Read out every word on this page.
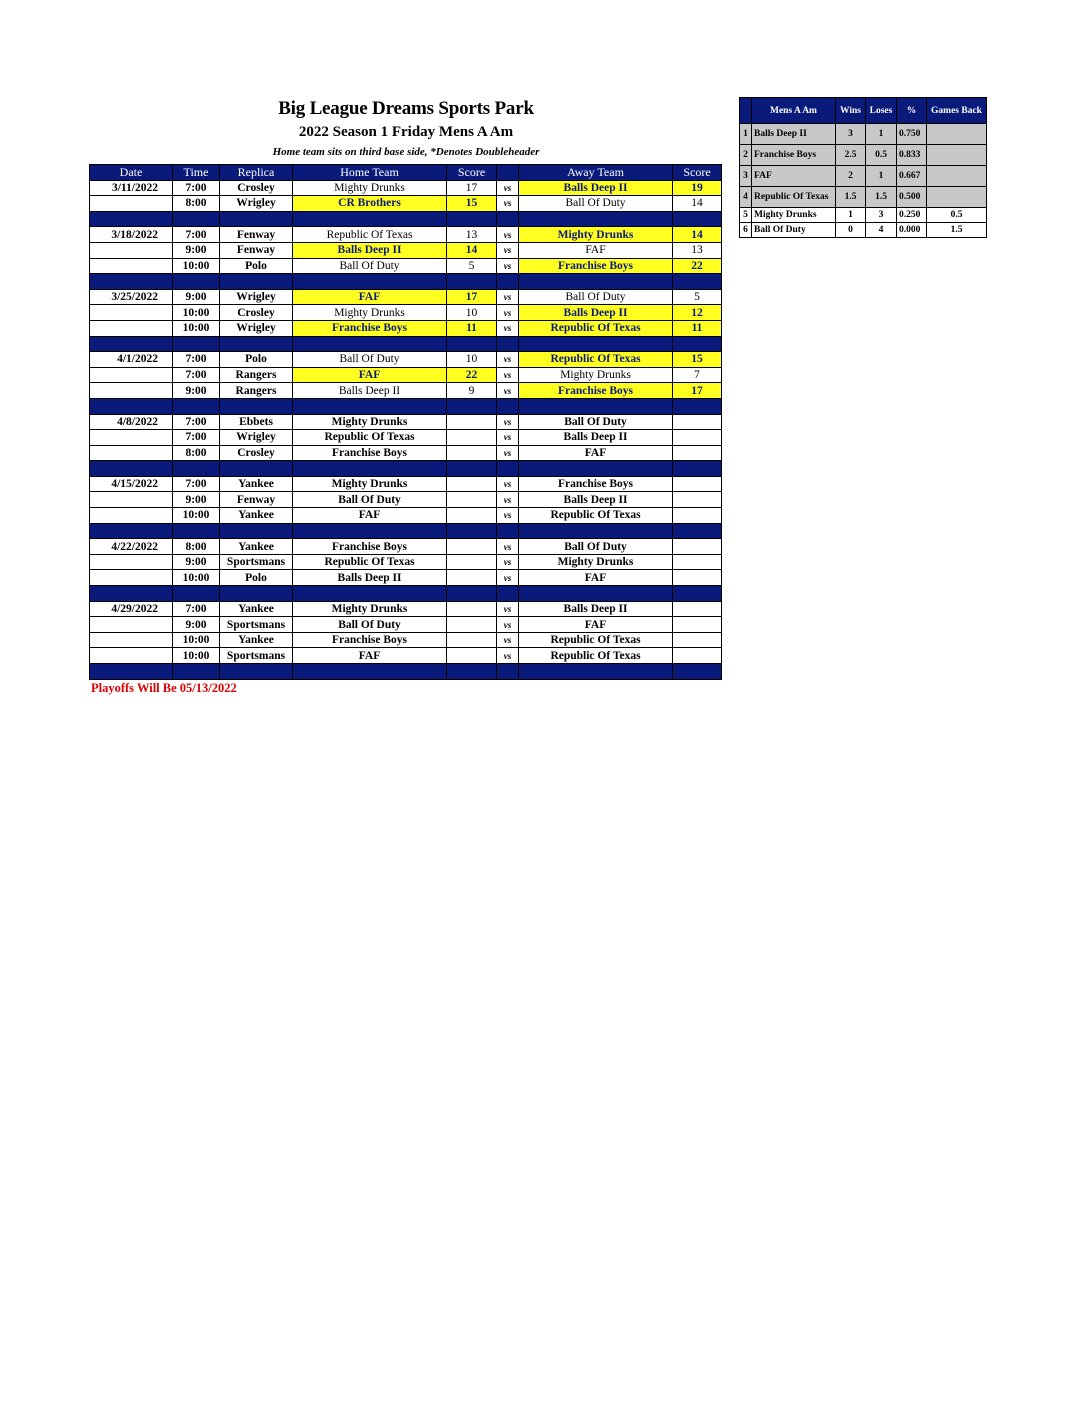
Big League Dreams Sports Park
2022 Season 1 Friday Mens A Am
Home team sits on third base side, *Denotes Doubleheader
Date	Time	Replica	Home Team	Score		Away Team	Score
3/11/2022	7:00	Crosley	Mighty Drunks	17	vs	Balls Deep II	19
	8:00	Wrigley	CR Brothers	15	vs	Ball Of Duty	14

3/18/2022	7:00	Fenway	Republic Of Texas	13	vs	Mighty Drunks	14
	9:00	Fenway	Balls Deep II	14	vs	FAF	13
	10:00	Polo	Ball Of Duty	5	vs	Franchise Boys	22

3/25/2022	9:00	Wrigley	FAF	17	vs	Ball Of Duty	5
	10:00	Crosley	Mighty Drunks	10	vs	Balls Deep II	12
	10:00	Wrigley	Franchise Boys	11	vs	Republic Of Texas	11

4/1/2022	7:00	Polo	Ball Of Duty	10	vs	Republic Of Texas	15
	7:00	Rangers	FAF	22	vs	Mighty Drunks	7
	9:00	Rangers	Balls Deep II	9	vs	Franchise Boys	17

4/8/2022	7:00	Ebbets	Mighty Drunks		vs	Ball Of Duty	
	7:00	Wrigley	Republic Of Texas		vs	Balls Deep II	
	8:00	Crosley	Franchise Boys		vs	FAF	

4/15/2022	7:00	Yankee	Mighty Drunks		vs	Franchise Boys	
	9:00	Fenway	Ball Of Duty		vs	Balls Deep II	
	10:00	Yankee	FAF		vs	Republic Of Texas	

4/22/2022	8:00	Yankee	Franchise Boys		vs	Ball Of Duty	
	9:00	Sportsmans	Republic Of Texas		vs	Mighty Drunks	
	10:00	Polo	Balls Deep II		vs	FAF	

4/29/2022	7:00	Yankee	Mighty Drunks		vs	Balls Deep II	
	9:00	Sportsmans	Ball Of Duty		vs	FAF	
	10:00	Yankee	Franchise Boys		vs	Republic Of Texas	
	10:00	Sportsmans	FAF		vs	Republic Of Texas	

Playoffs Will Be 05/13/2022
	Mens A Am	Wins	Loses	%	Games Back
1	Balls Deep II	3	1	0.750	
2	Franchise Boys	2.5	0.5	0.833	
3	FAF	2	1	0.667	
4	Republic Of Texas	1.5	1.5	0.500	
5	Mighty Drunks	1	3	0.250	0.5
6	Ball Of Duty	0	4	0.000	1.5
